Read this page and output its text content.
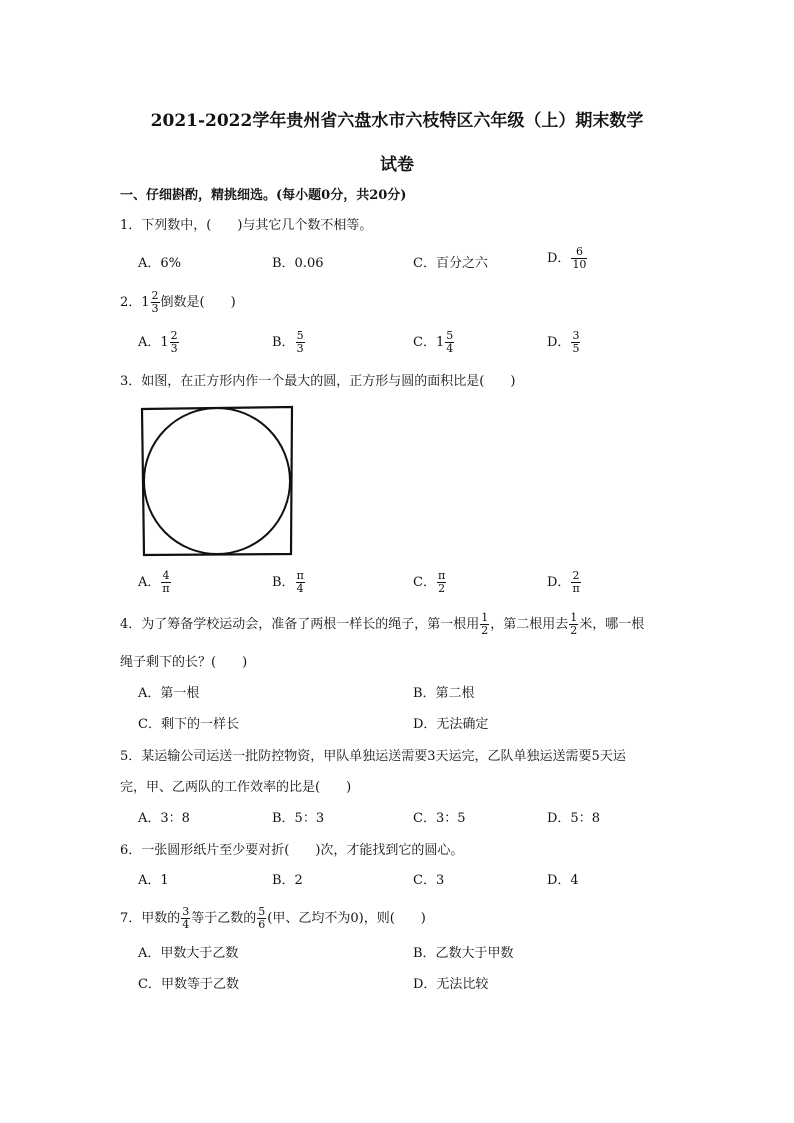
2021-2022学年贵州省六盘水市六枝特区六年级（上）期末数学
试卷
一、仔细斟酌，精挑细选。(每小题0分，共20分)
1．下列数中，(　　)与其它几个数不相等。
A．6%	B．0.06	C．百分之六	D． $\frac{6}{10}$
2．$1 \frac{2}{3}$ 倒数是(　　)
A．$1 \frac{2}{3}$	B． $\frac{5}{3}$	C．$1 \frac{5}{4}$	D． $\frac{3}{5}$
3．如图，在正方形内作一个最大的圆，正方形与圆的面积比是(　　)
A． $\frac{4}{\pi}$	B． $\frac{\pi}{4}$	C． $\frac{\pi}{2}$	D． $\frac{2}{\pi}$
4．为了筹备学校运动会，准备了两根一样长的绳子，第一根用 $\frac{1}{2}$ ，第二根用去 $\frac{1}{2}$ 米，哪一根
绳子剩下的长？(　　)
A．第一根	B．第二根
C．剩下的一样长	D．无法确定
5．某运输公司运送一批防控物资，甲队单独运送需要3天运完，乙队单独运送需要5天运
完，甲、乙两队的工作效率的比是(　　)
A．3：8	B．5：3	C．3：5	D．5：8
6．一张圆形纸片至少要对折(　　)次，才能找到它的圆心。
A．1	B．2	C．3	D．4
7．甲数的 $\frac{3}{4}$ 等于乙数的 $\frac{5}{6}$ (甲、乙均不为0)，则(　　)
A．甲数大于乙数	B．乙数大于甲数
C．甲数等于乙数	D．无法比较
